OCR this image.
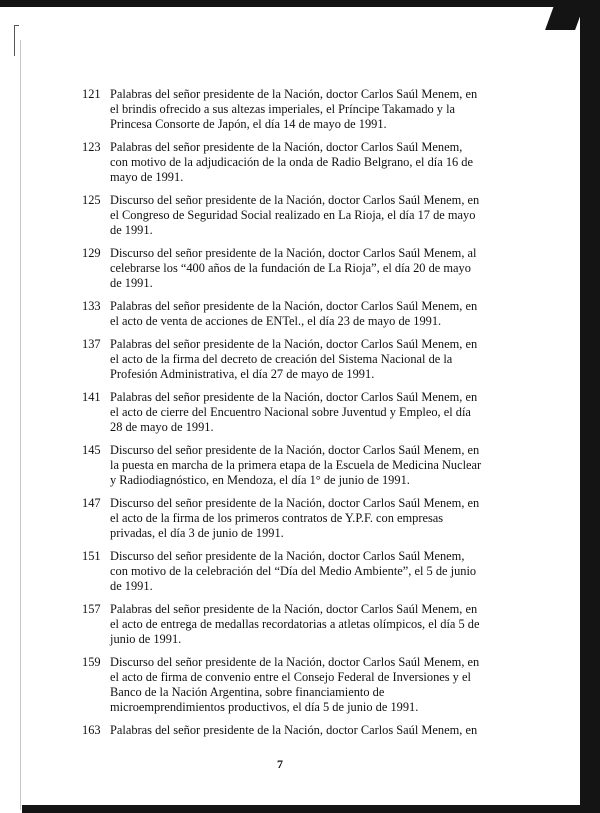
121 Palabras del señor presidente de la Nación, doctor Carlos Saúl Menem, en el brindis ofrecido a sus altezas imperiales, el Príncipe Takamado y la Princesa Consorte de Japón, el día 14 de mayo de 1991.
123 Palabras del señor presidente de la Nación, doctor Carlos Saúl Menem, con motivo de la adjudicación de la onda de Radio Belgrano, el día 16 de mayo de 1991.
125 Discurso del señor presidente de la Nación, doctor Carlos Saúl Menem, en el Congreso de Seguridad Social realizado en La Rioja, el día 17 de mayo de 1991.
129 Discurso del señor presidente de la Nación, doctor Carlos Saúl Menem, al celebrarse los “400 años de la fundación de La Rioja”, el día 20 de mayo de 1991.
133 Palabras del señor presidente de la Nación, doctor Carlos Saúl Menem, en el acto de venta de acciones de ENTel., el día 23 de mayo de 1991.
137 Palabras del señor presidente de la Nación, doctor Carlos Saúl Menem, en el acto de la firma del decreto de creación del Sistema Nacional de la Profesión Administrativa, el día 27 de mayo de 1991.
141 Palabras del señor presidente de la Nación, doctor Carlos Saúl Menem, en el acto de cierre del Encuentro Nacional sobre Juventud y Empleo, el día 28 de mayo de 1991.
145 Discurso del señor presidente de la Nación, doctor Carlos Saúl Menem, en la puesta en marcha de la primera etapa de la Escuela de Medicina Nuclear y Radiodiagnóstico, en Mendoza, el día 1° de junio de 1991.
147 Discurso del señor presidente de la Nación, doctor Carlos Saúl Menem, en el acto de la firma de los primeros contratos de Y.P.F. con empresas privadas, el día 3 de junio de 1991.
151 Discurso del señor presidente de la Nación, doctor Carlos Saúl Menem, con motivo de la celebración del “Día del Medio Ambiente”, el 5 de junio de 1991.
157 Palabras del señor presidente de la Nación, doctor Carlos Saúl Menem, en el acto de entrega de medallas recordatorias a atletas olímpicos, el día 5 de junio de 1991.
159 Discurso del señor presidente de la Nación, doctor Carlos Saúl Menem, en el acto de firma de convenio entre el Consejo Federal de Inversiones y el Banco de la Nación Argentina, sobre financiamiento de microemprendimientos productivos, el día 5 de junio de 1991.
163 Palabras del señor presidente de la Nación, doctor Carlos Saúl Menem, en
7
